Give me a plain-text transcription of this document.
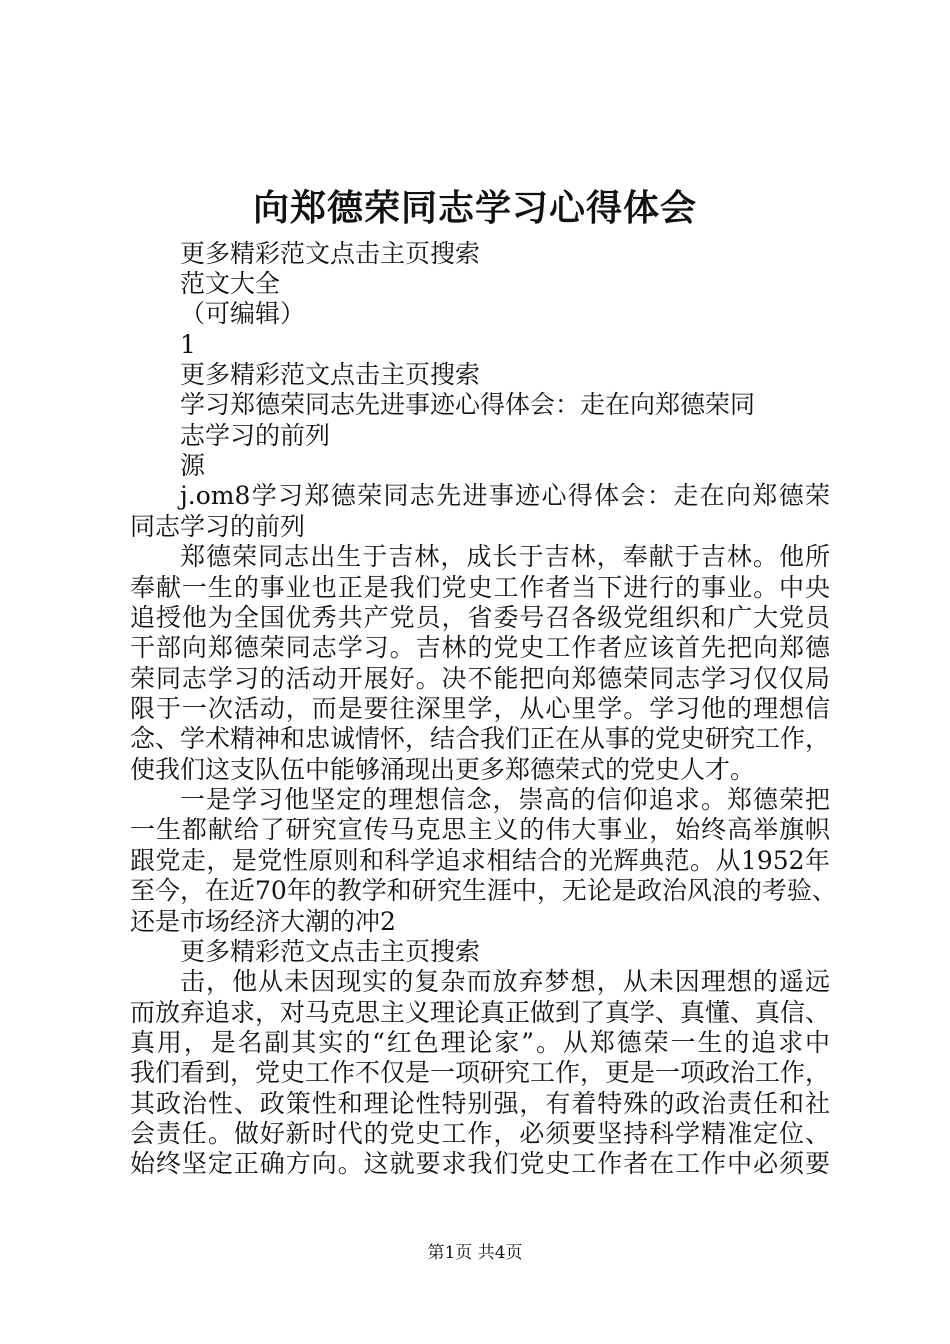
向郑德荣同志学习心得体会
更多精彩范文点击主页搜索
范文大全
（可编辑）
1
更多精彩范文点击主页搜索
学习郑德荣同志先进事迹心得体会：走在向郑德荣同
志学习的前列
源
j.om8学习郑德荣同志先进事迹心得体会：走在向郑德荣
同志学习的前列
郑德荣同志出生于吉林，成长于吉林，奉献于吉林。他所
奉献一生的事业也正是我们党史工作者当下进行的事业。中央
追授他为全国优秀共产党员，省委号召各级党组织和广大党员
干部向郑德荣同志学习。吉林的党史工作者应该首先把向郑德
荣同志学习的活动开展好。决不能把向郑德荣同志学习仅仅局
限于一次活动，而是要往深里学，从心里学。学习他的理想信
念、学术精神和忠诚情怀，结合我们正在从事的党史研究工作，
使我们这支队伍中能够涌现出更多郑德荣式的党史人才。
一是学习他坚定的理想信念，崇高的信仰追求。郑德荣把
一生都献给了研究宣传马克思主义的伟大事业，始终高举旗帜
跟党走，是党性原则和科学追求相结合的光辉典范。从1952年
至今，在近70年的教学和研究生涯中，无论是政治风浪的考验、
还是市场经济大潮的冲2
更多精彩范文点击主页搜索
击，他从未因现实的复杂而放弃梦想，从未因理想的遥远
而放弃追求，对马克思主义理论真正做到了真学、真懂、真信、
真用，是名副其实的“红色理论家”。从郑德荣一生的追求中
我们看到，党史工作不仅是一项研究工作，更是一项政治工作，
其政治性、政策性和理论性特别强，有着特殊的政治责任和社
会责任。做好新时代的党史工作，必须要坚持科学精准定位、
始终坚定正确方向。这就要求我们党史工作者在工作中必须要
第1页 共4页
